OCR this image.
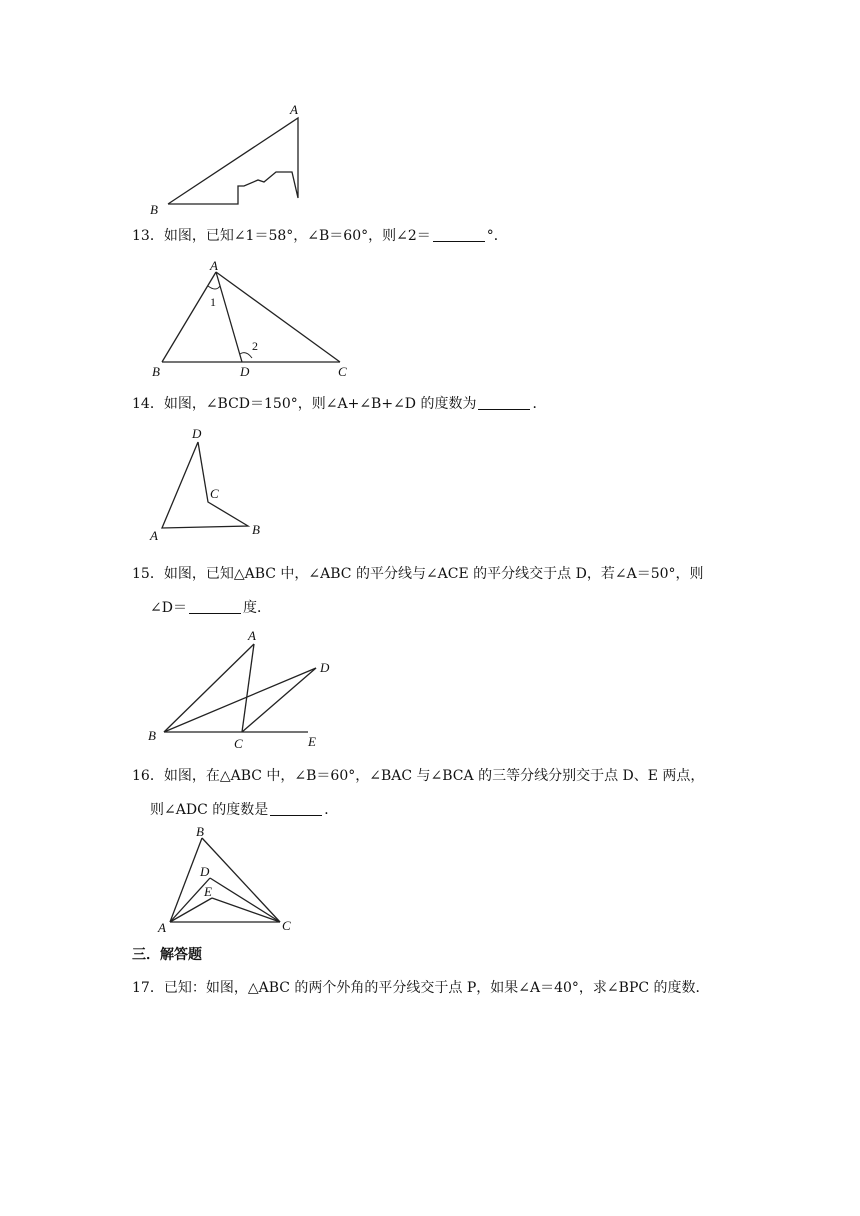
A
B
13．如图，已知∠1＝58°，∠B＝60°，则∠2＝	°．
A
B	D	C
1
2
14．如图，∠BCD＝150°，则∠A+∠B+∠D 的度数为	．
D
C
A	B
15．如图，已知△ABC 中，∠ABC 的平分线与∠ACE 的平分线交于点 D，若∠A＝50°，则
∠D＝	度．
A
D
B
C	E
16．如图，在△ABC 中，∠B＝60°，∠BAC 与∠BCA 的三等分线分别交于点 D、E 两点，
则∠ADC 的度数是	．
B
D
E
A	C
三．解答题
17．已知：如图，△ABC 的两个外角的平分线交于点 P，如果∠A＝40°，求∠BPC 的度数．
